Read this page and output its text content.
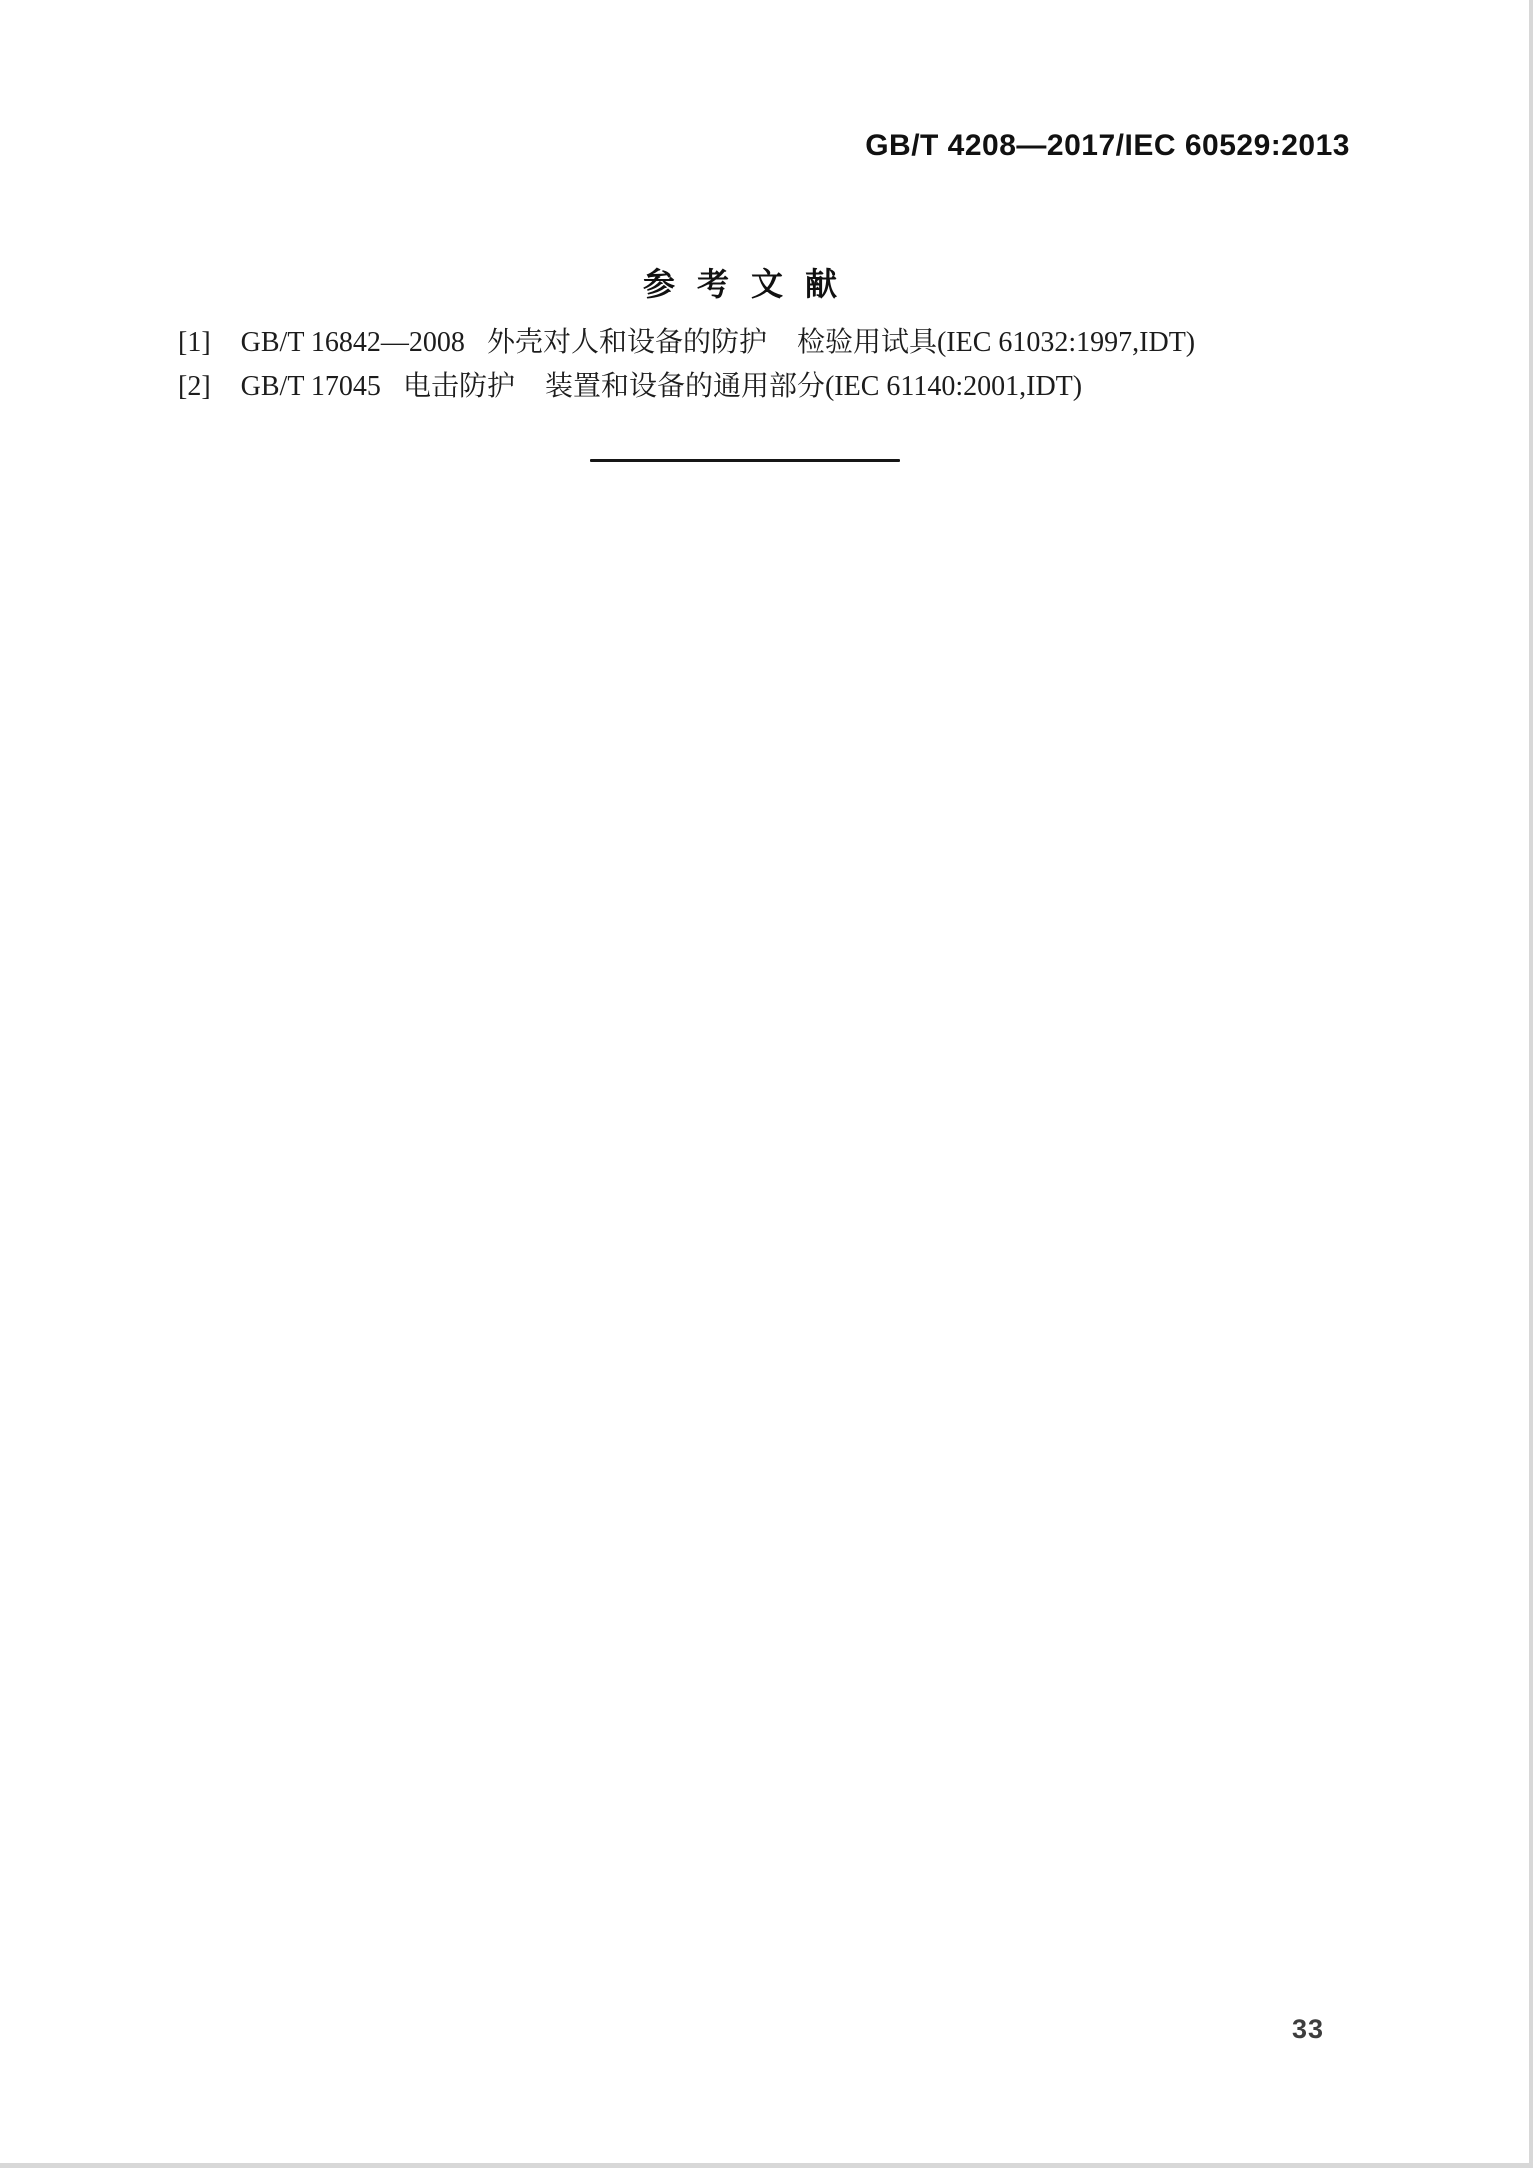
GB/T 4208—2017/IEC 60529:2013
参考文献
[1] GB/T 16842—2008 外壳对人和设备的防护 检验用试具(IEC 61032:1997,IDT)
[2] GB/T 17045 电击防护 装置和设备的通用部分(IEC 61140:2001,IDT)
33
